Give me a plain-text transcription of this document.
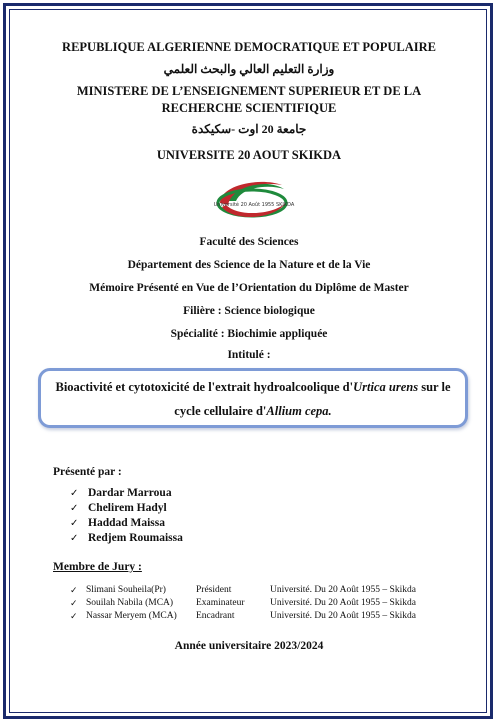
REPUBLIQUE ALGERIENNE DEMOCRATIQUE ET POPULAIRE
وزارة التعليم العالي والبحث العلمي
MINISTERE DE L’ENSEIGNEMENT SUPERIEUR ET DE LA
RECHERCHE SCIENTIFIQUE
جامعة 20 اوت -سكيكدة
UNIVERSITE 20 AOUT SKIKDA
Université 20 Août 1955 SKIKDA
Faculté des Sciences
Département des Science de la Nature et de la Vie
Mémoire Présenté en Vue de l’Orientation du Diplôme de Master
Filière : Science biologique
Spécialité : Biochimie appliquée
Intitulé :
Bioactivité et cytotoxicité de l'extrait hydroalcoolique d'Urtica urens sur le cycle cellulaire d'Allium cepa.
Présenté par :
✓ Dardar Marroua
✓ Chelirem Hadyl
✓ Haddad Maissa
✓ Redjem Roumaissa
Membre de Jury :
✓ Slimani Souheila(Pr)	Président	Université. Du 20 Août 1955 – Skikda
✓ Souilah Nabila (MCA) Examinateur	Université. Du 20 Août 1955 – Skikda
✓ Nassar Meryem (MCA) Encadrant	Université. Du 20 Août 1955 – Skikda
Année universitaire 2023/2024
